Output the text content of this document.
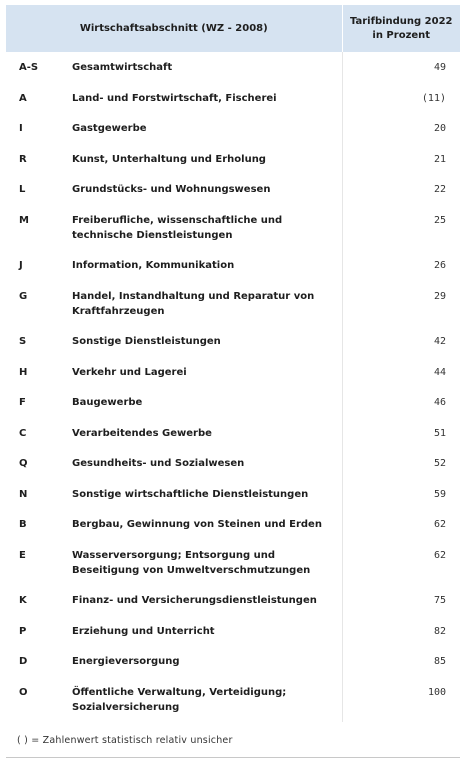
Wirtschaftsabschnitt (WZ - 2008)		Tarifbindung 2022
in Prozent
A-S	Gesamtwirtschaft	49
A	Land- und Forstwirtschaft, Fischerei	(11)
I	Gastgewerbe	20
R	Kunst, Unterhaltung und Erholung	21
L	Grundstücks- und Wohnungswesen	22
M	Freiberufliche, wissenschaftliche und technische Dienstleistungen	25
J	Information, Kommunikation	26
G	Handel, Instandhaltung und Reparatur von Kraftfahrzeugen	29
S	Sonstige Dienstleistungen	42
H	Verkehr und Lagerei	44
F	Baugewerbe	46
C	Verarbeitendes Gewerbe	51
Q	Gesundheits- und Sozialwesen	52
N	Sonstige wirtschaftliche Dienstleistungen	59
B	Bergbau, Gewinnung von Steinen und Erden	62
E	Wasserversorgung; Entsorgung und Beseitigung von Umweltverschmutzungen	62
K	Finanz- und Versicherungsdienstleistungen	75
P	Erziehung und Unterricht	82
D	Energieversorgung	85
O	Öffentliche Verwaltung, Verteidigung; Sozialversicherung	100
( ) = Zahlenwert statistisch relativ unsicher
